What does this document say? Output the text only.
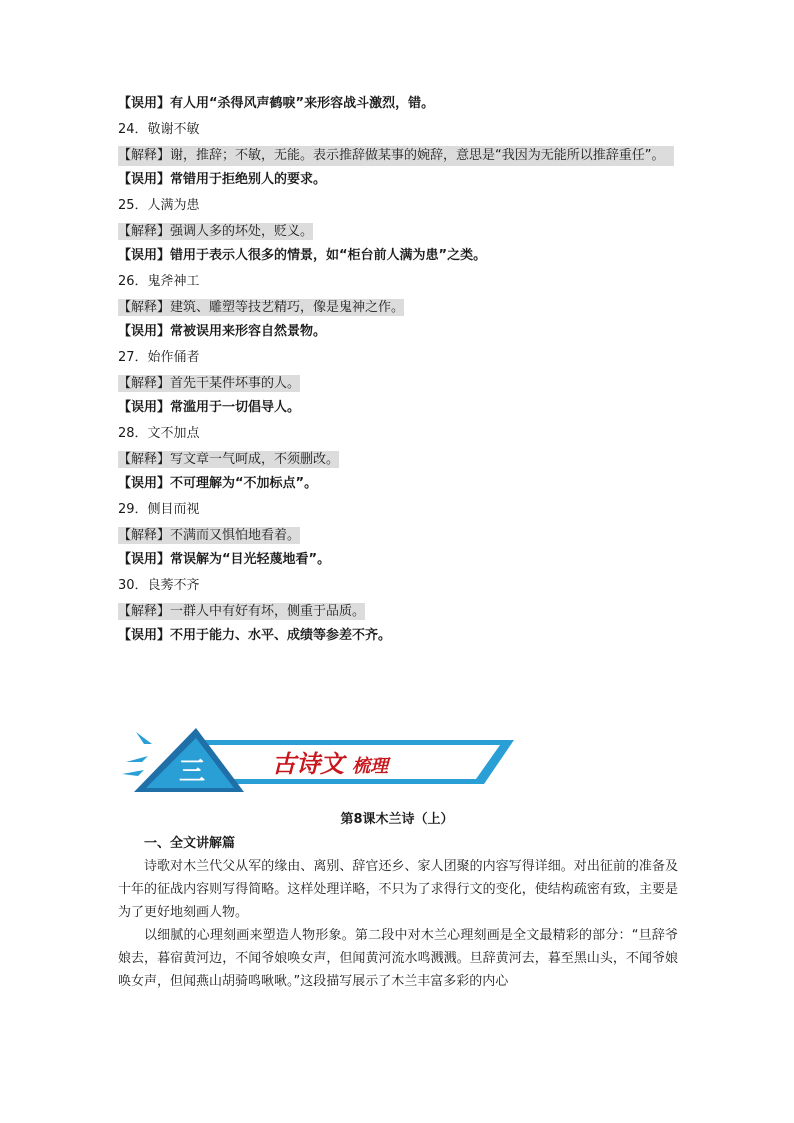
【误用】有人用“杀得风声鹤唳”来形容战斗激烈，错。

24．敬谢不敏

【解释】谢，推辞；不敏，无能。表示推辞做某事的婉辞，意思是“我因为无能所以推辞重任”。

【误用】常错用于拒绝别人的要求。

25．人满为患

【解释】强调人多的坏处，贬义。

【误用】错用于表示人很多的情景，如“柜台前人满为患”之类。

26．鬼斧神工

【解释】建筑、雕塑等技艺精巧，像是鬼神之作。

【误用】常被误用来形容自然景物。

27．始作俑者

【解释】首先干某件坏事的人。

【误用】常滥用于一切倡导人。

28．文不加点

【解释】写文章一气呵成，不须删改。

【误用】不可理解为“不加标点”。

29．侧目而视

【解释】不满而又惧怕地看着。

【误用】常误解为“目光轻蔑地看”。

30．良莠不齐

【解释】一群人中有好有坏，侧重于品质。

【误用】不用于能力、水平、成绩等参差不齐。

三	古诗文 梳理
第8课木兰诗（上）

一、全文讲解篇

诗歌对木兰代父从军的缘由、离别、辞官还乡、家人团聚的内容写得详细。对出征前的准备及十年的征战内容则写得简略。这样处理详略，不只为了求得行文的变化，使结构疏密有致，主要是为了更好地刻画人物。

以细腻的心理刻画来塑造人物形象。第二段中对木兰心理刻画是全文最精彩的部分：“旦辞爷娘去，暮宿黄河边，不闻爷娘唤女声，但闻黄河流水鸣溅溅。旦辞黄河去，暮至黑山头，不闻爷娘唤女声，但闻燕山胡骑鸣啾啾。”这段描写展示了木兰丰富多彩的内心
